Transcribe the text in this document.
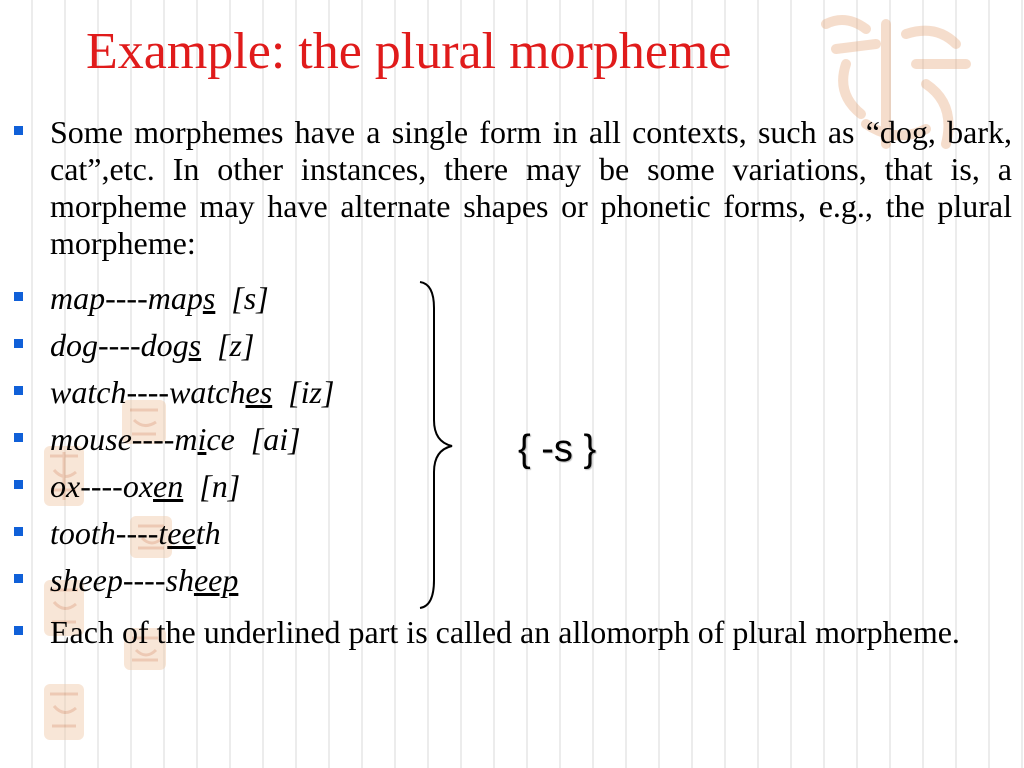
Example: the plural morpheme

Some morphemes have a single form in all contexts, such as “dog, bark, cat”,etc. In other instances, there may be some variations, that is, a morpheme may have alternate shapes or phonetic forms, e.g., the plural morpheme:

map----maps  [s]
dog----dogs  [z]
watch----watches  [iz]
mouse----mice  [ai]
ox----oxen  [n]
tooth----teeth
sheep----sheep
{ -s }

Each of the underlined part is called an allomorph of plural morpheme.
